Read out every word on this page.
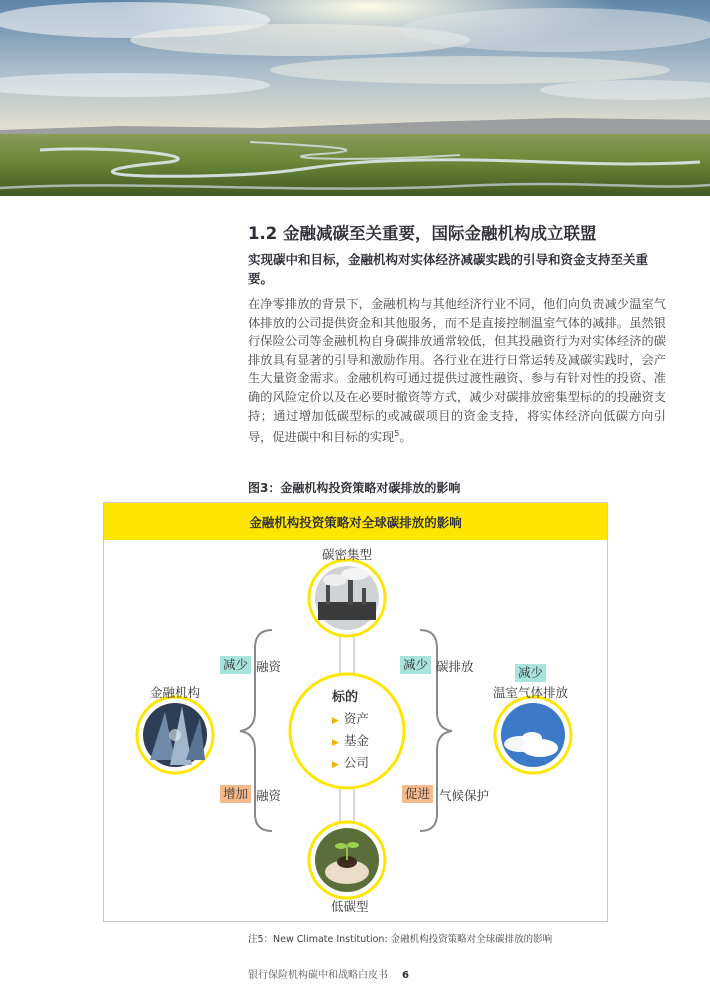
1.2 金融减碳至关重要，国际金融机构成立联盟
实现碳中和目标，金融机构对实体经济减碳实践的引导和资金支持至关重要。
在净零排放的背景下，金融机构与其他经济行业不同，他们向负责减少温室气体排放的公司提供资金和其他服务，而不是直接控制温室气体的减排。虽然银行保险公司等金融机构自身碳排放通常较低，但其投融资行为对实体经济的碳排放具有显著的引导和激励作用。各行业在进行日常运转及减碳实践时，会产生大量资金需求。金融机构可通过提供过渡性融资、参与有针对性的投资、准确的风险定价以及在必要时撤资等方式，减少对碳排放密集型标的的投融资支持；通过增加低碳型标的或减碳项目的资金支持，将实体经济向低碳方向引导，促进碳中和目标的实现$^5$。
图3：金融机构投资策略对碳排放的影响
金融机构投资策略对全球碳排放的影响
碳密集型
金融机构
低碳型
温室气体排放
减少 融资
增加 融资
减少 碳排放
促进 气候保护
减少
标的
▶ 资产
▶ 基金
▶ 公司
注5：New Climate Institution: 金融机构投资策略对全球碳排放的影响
银行保险机构碳中和战略白皮书 6
